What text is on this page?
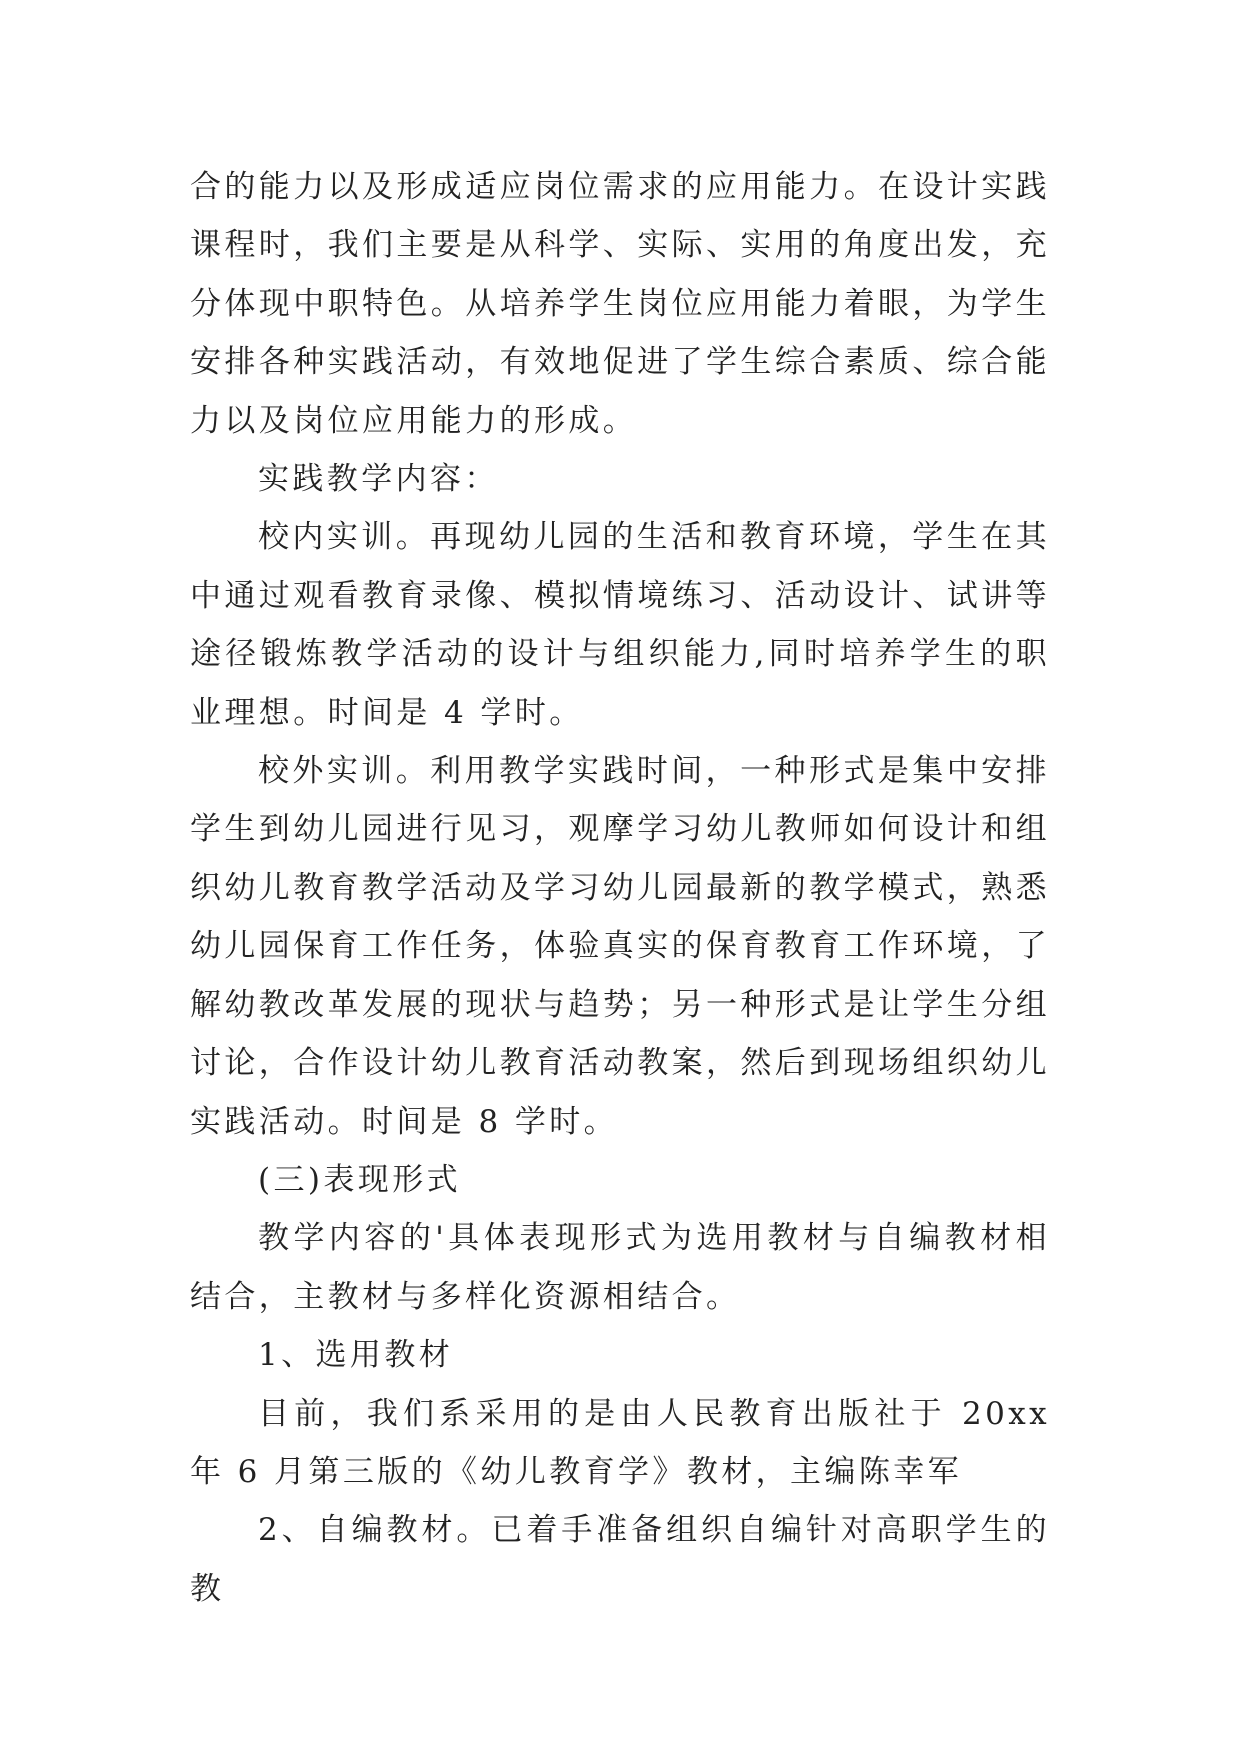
合的能力以及形成适应岗位需求的应用能力。在设计实践课程时，我们主要是从科学、实际、实用的角度出发，充分体现中职特色。从培养学生岗位应用能力着眼，为学生安排各种实践活动，有效地促进了学生综合素质、综合能力以及岗位应用能力的形成。

实践教学内容：

校内实训。再现幼儿园的生活和教育环境，学生在其中通过观看教育录像、模拟情境练习、活动设计、试讲等途径锻炼教学活动的设计与组织能力,同时培养学生的职业理想。时间是 4 学时。

校外实训。利用教学实践时间，一种形式是集中安排学生到幼儿园进行见习，观摩学习幼儿教师如何设计和组织幼儿教育教学活动及学习幼儿园最新的教学模式，熟悉幼儿园保育工作任务，体验真实的保育教育工作环境，了解幼教改革发展的现状与趋势；另一种形式是让学生分组讨论，合作设计幼儿教育活动教案，然后到现场组织幼儿实践活动。时间是 8 学时。

(三)表现形式

教学内容的'具体表现形式为选用教材与自编教材相结合，主教材与多样化资源相结合。

1、选用教材

目前，我们系采用的是由人民教育出版社于 20xx 年 6 月第三版的《幼儿教育学》教材，主编陈幸军

2、自编教材。已着手准备组织自编针对高职学生的教
